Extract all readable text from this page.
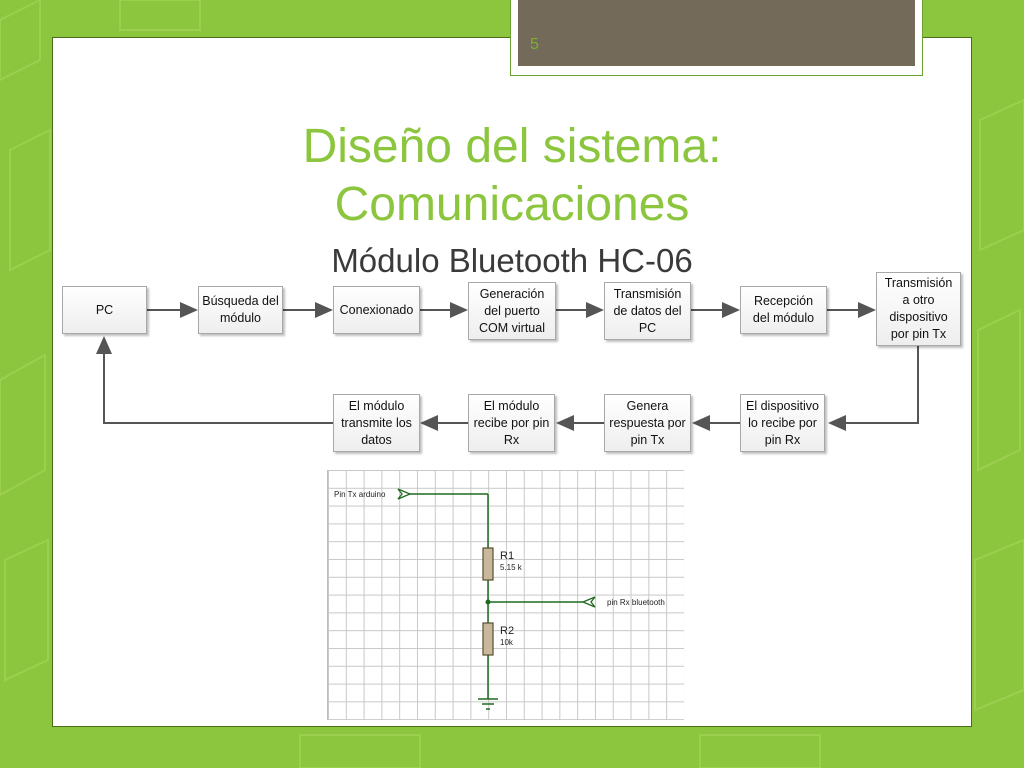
5
Diseño del sistema:
Comunicaciones
Módulo Bluetooth HC-06
PC
Búsqueda del módulo
Conexionado
Generación del puerto COM virtual
Transmisión de datos del PC
Recepción del módulo
Transmisión a otro dispositivo por pin Tx
El dispositivo lo recibe por pin Rx
Genera respuesta por pin Tx
El módulo recibe por pin Rx
El módulo transmite los datos
Pin Tx arduino
pin Rx bluetooth
R1
5.15 k
R2
10k
